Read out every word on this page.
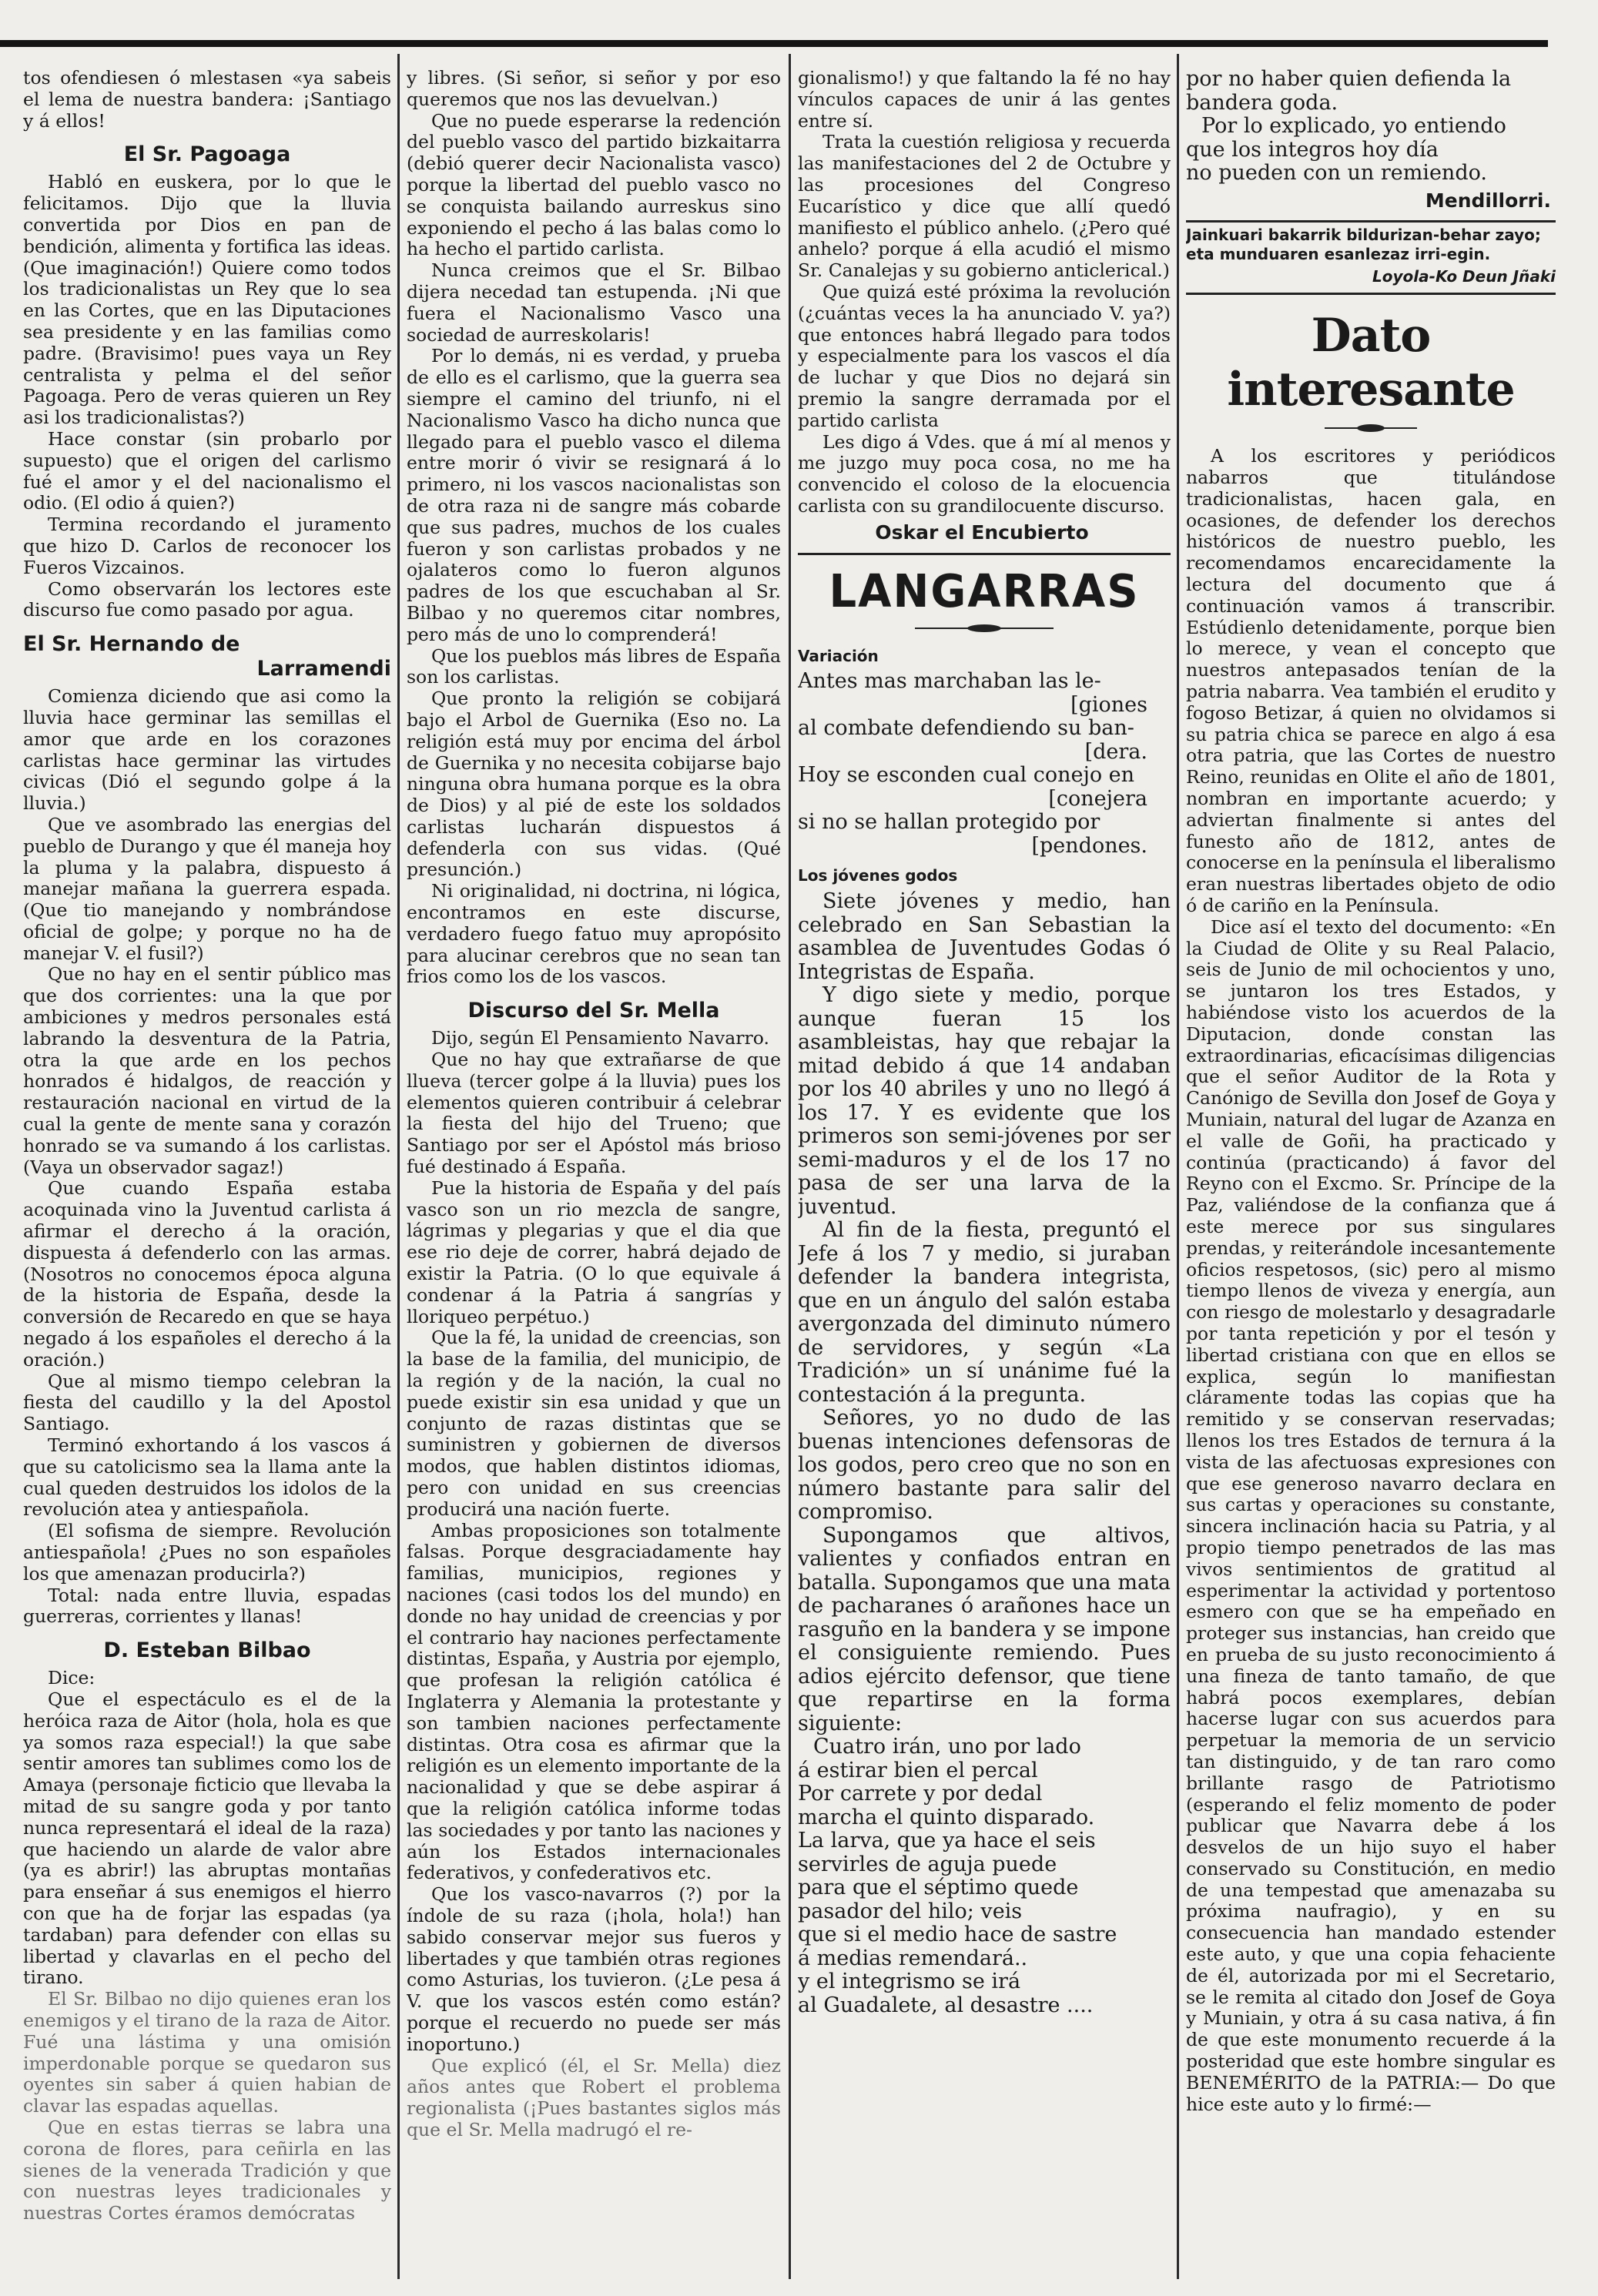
tos ofendiesen ó mlestasen «ya sabeis el lema de nuestra bandera: ¡Santiago y á ellos!

El Sr. Pagoaga

Habló en euskera, por lo que le felicitamos. Dijo que la lluvia convertida por Dios en pan de bendición, alimenta y fortifica las ideas. (Que imaginación!) Quiere como todos los tradicionalistas un Rey que lo sea en las Cortes, que en las Diputaciones sea presidente y en las familias como padre. (Bravisimo! pues vaya un Rey centralista y pelma el del señor Pagoaga. Pero de veras quieren un Rey asi los tradicionalistas?)

Hace constar (sin probarlo por supuesto) que el origen del carlismo fué el amor y el del nacionalismo el odio. (El odio á quien?)

Termina recordando el juramento que hizo D. Carlos de reconocer los Fueros Vizcainos.

Como observarán los lectores este discurso fue como pasado por agua.

El Sr. Hernando de
Larramendi

Comienza diciendo que asi como la lluvia hace germinar las semillas el amor que arde en los corazones carlistas hace germinar las virtudes civicas (Dió el segundo golpe á la lluvia.)

Que ve asombrado las energias del pueblo de Durango y que él maneja hoy la pluma y la palabra, dispuesto á manejar mañana la guerrera espada. (Que tio manejando y nombrándose oficial de golpe; y porque no ha de manejar V. el fusil?)

Que no hay en el sentir público mas que dos corrientes: una la que por ambiciones y medros personales está labrando la desventura de la Patria, otra la que arde en los pechos honrados é hidalgos, de reacción y restauración nacional en virtud de la cual la gente de mente sana y corazón honrado se va sumando á los carlistas. (Vaya un observador sagaz!)

Que cuando España estaba acoquinada vino la Juventud carlista á afirmar el derecho á la oración, dispuesta á defenderlo con las armas. (Nosotros no conocemos época alguna de la historia de España, desde la conversión de Recaredo en que se haya negado á los españoles el derecho á la oración.)

Que al mismo tiempo celebran la fiesta del caudillo y la del Apostol Santiago.

Terminó exhortando á los vascos á que su catolicismo sea la llama ante la cual queden destruidos los idolos de la revolución atea y antiespañola.

(El sofisma de siempre. Revolución antiespañola! ¿Pues no son españoles los que amenazan producirla?)

Total: nada entre lluvia, espadas guerreras, corrientes y llanas!

D. Esteban Bilbao

Dice:

Que el espectáculo es el de la heróica raza de Aitor (hola, hola es que ya somos raza especial!) la que sabe sentir amores tan sublimes como los de Amaya (personaje ficticio que llevaba la mitad de su sangre goda y por tanto nunca representará el ideal de la raza) que haciendo un alarde de valor abre (ya es abrir!) las abruptas montañas para enseñar á sus enemigos el hierro con que ha de forjar las espadas (ya tardaban) para defender con ellas su libertad y clavarlas en el pecho del tirano.

El Sr. Bilbao no dijo quienes eran los enemigos y el tirano de la raza de Aitor. Fué una lástima y una omisión imperdonable porque se quedaron sus oyentes sin saber á quien habian de clavar las espadas aquellas.

Que en estas tierras se labra una corona de flores, para ceñirla en las sienes de la venerada Tradición y que con nuestras leyes tradicionales y nuestras Cortes éramos demócratas

y libres. (Si señor, si señor y por eso queremos que nos las devuelvan.)

Que no puede esperarse la redención del pueblo vasco del partido bizkaitarra (debió querer decir Nacionalista vasco) porque la libertad del pueblo vasco no se conquista bailando aurreskus sino exponiendo el pecho á las balas como lo ha hecho el partido carlista.

Nunca creimos que el Sr. Bilbao dijera necedad tan estupenda. ¡Ni que fuera el Nacionalismo Vasco una sociedad de aurreskolaris!

Por lo demás, ni es verdad, y prueba de ello es el carlismo, que la guerra sea siempre el camino del triunfo, ni el Nacionalismo Vasco ha dicho nunca que llegado para el pueblo vasco el dilema entre morir ó vivir se resignará á lo primero, ni los vascos nacionalistas son de otra raza ni de sangre más cobarde que sus padres, muchos de los cuales fueron y son carlistas probados y ne ojalateros como lo fueron algunos padres de los que escuchaban al Sr. Bilbao y no queremos citar nombres, pero más de uno lo comprenderá!

Que los pueblos más libres de España son los carlistas.

Que pronto la religión se cobijará bajo el Arbol de Guernika (Eso no. La religión está muy por encima del árbol de Guernika y no necesita cobijarse bajo ninguna obra humana porque es la obra de Dios) y al pié de este los soldados carlistas lucharán dispuestos á defenderla con sus vidas. (Qué presunción.)

Ni originalidad, ni doctrina, ni lógica, encontramos en este discurse, verdadero fuego fatuo muy apropósito para alucinar cerebros que no sean tan frios como los de los vascos.

Discurso del Sr. Mella

Dijo, según El Pensamiento Navarro.

Que no hay que extrañarse de que llueva (tercer golpe á la lluvia) pues los elementos quieren contribuir á celebrar la fiesta del hijo del Trueno; que Santiago por ser el Apóstol más brioso fué destinado á España.

Pue la historia de España y del país vasco son un rio mezcla de sangre, lágrimas y plegarias y que el dia que ese rio deje de correr, habrá dejado de existir la Patria. (O lo que equivale á condenar á la Patria á sangrías y lloriqueo perpétuo.)

Que la fé, la unidad de creencias, son la base de la familia, del municipio, de la región y de la nación, la cual no puede existir sin esa unidad y que un conjunto de razas distintas que se suministren y gobiernen de diversos modos, que hablen distintos idiomas, pero con unidad en sus creencias producirá una nación fuerte.

Ambas proposiciones son totalmente falsas. Porque desgraciadamente hay familias, municipios, regiones y naciones (casi todos los del mundo) en donde no hay unidad de creencias y por el contrario hay naciones perfectamente distintas, España, y Austria por ejemplo, que profesan la religión católica é Inglaterra y Alemania la protestante y son tambien naciones perfectamente distintas. Otra cosa es afirmar que la religión es un elemento importante de la nacionalidad y que se debe aspirar á que la religión católica informe todas las sociedades y por tanto las naciones y aún los Estados internacionales federativos, y confederativos etc.

Que los vasco-navarros (?) por la índole de su raza (¡hola, hola!) han sabido conservar mejor sus fueros y libertades y que también otras regiones como Asturias, los tuvieron. (¿Le pesa á V. que los vascos estén como están? porque el recuerdo no puede ser más inoportuno.)

Que explicó (él, el Sr. Mella) diez años antes que Robert el problema regionalista (¡Pues bastantes siglos más que el Sr. Mella madrugó el re-

gionalismo!) y que faltando la fé no hay vínculos capaces de unir á las gentes entre sí.

Trata la cuestión religiosa y recuerda las manifestaciones del 2 de Octubre y las procesiones del Congreso Eucarístico y dice que allí quedó manifiesto el público anhelo. (¿Pero qué anhelo? porque á ella acudió el mismo Sr. Canalejas y su gobierno anticlerical.)

Que quizá esté próxima la revolución (¿cuántas veces la ha anunciado V. ya?) que entonces habrá llegado para todos y especialmente para los vascos el día de luchar y que Dios no dejará sin premio la sangre derramada por el partido carlista

Les digo á Vdes. que á mí al menos y me juzgo muy poca cosa, no me ha convencido el coloso de la elocuencia carlista con su grandilocuente discurso.

Oskar el Encubierto
LANGARRAS
Variación

Antes mas marchaban las le-

[giones

al combate defendiendo su ban-

[dera.

Hoy se esconden cual conejo en

[conejera

si no se hallan protegido por

[pendones.

Los jóvenes godos

Siete jóvenes y medio, han celebrado en San Sebastian la asamblea de Juventudes Godas ó Integristas de España.

Y digo siete y medio, porque aunque fueran 15 los asambleistas, hay que rebajar la mitad debido á que 14 andaban por los 40 abriles y uno no llegó á los 17. Y es evidente que los primeros son semi-jóvenes por ser semi-maduros y el de los 17 no pasa de ser una larva de la juventud.

Al fin de la fiesta, preguntó el Jefe á los 7 y medio, si juraban defender la bandera integrista, que en un ángulo del salón estaba avergonzada del diminuto número de servidores, y según «La Tradición» un sí unánime fué la contestación á la pregunta.

Señores, yo no dudo de las buenas intenciones defensoras de los godos, pero creo que no son en número bastante para salir del compromiso.

Supongamos que altivos, valientes y confiados entran en batalla. Supongamos que una mata de pacharanes ó arañones hace un rasguño en la bandera y se impone el consiguiente remiendo. Pues adios ejército defensor, que tiene que repartirse en la forma siguiente:

Cuatro irán, uno por lado

á estirar bien el percal

Por carrete y por dedal

marcha el quinto disparado.

La larva, que ya hace el seis

servirles de aguja puede

para que el séptimo quede

pasador del hilo; veis

que si el medio hace de sastre

á medias remendará..

y el integrismo se irá

al Guadalete, al desastre ....

por no haber quien defienda la

bandera goda.

Por lo explicado, yo entiendo

que los integros hoy día

no pueden con un remiendo.

Mendillorri.
Jainkuari bakarrik bildurizan-behar zayo; eta munduaren esanlezaz irri-egin.
Loyola-Ko Deun Jñaki
Dato interesante

A los escritores y periódicos nabarros que titulándose tradicionalistas, hacen gala, en ocasiones, de defender los derechos históricos de nuestro pueblo, les recomendamos encarecidamente la lectura del documento que á continuación vamos á transcribir. Estúdienlo detenidamente, porque bien lo merece, y vean el concepto que nuestros antepasados tenían de la patria nabarra. Vea también el erudito y fogoso Betizar, á quien no olvidamos si su patria chica se parece en algo á esa otra patria, que las Cortes de nuestro Reino, reunidas en Olite el año de 1801, nombran en importante acuerdo; y adviertan finalmente si antes del funesto año de 1812, antes de conocerse en la península el liberalismo eran nuestras libertades objeto de odio ó de cariño en la Península.

Dice así el texto del documento: «En la Ciudad de Olite y su Real Palacio, seis de Junio de mil ochocientos y uno, se juntaron los tres Estados, y habiéndose visto los acuerdos de la Diputacion, donde constan las extraordinarias, eficacísimas diligencias que el señor Auditor de la Rota y Canónigo de Sevilla don Josef de Goya y Muniain, natural del lugar de Azanza en el valle de Goñi, ha practicado y continúa (practicando) á favor del Reyno con el Excmo. Sr. Príncipe de la Paz, valiéndose de la confianza que á este merece por sus singulares prendas, y reiterándole incesantemente oficios respetosos, (sic) pero al mismo tiempo llenos de viveza y energía, aun con riesgo de molestarlo y desagradarle por tanta repetición y por el tesón y libertad cristiana con que en ellos se explica, según lo manifiestan cláramente todas las copias que ha remitido y se conservan reservadas; llenos los tres Estados de ternura á la vista de las afectuosas expresiones con que ese generoso navarro declara en sus cartas y operaciones su constante, sincera inclinación hacia su Patria, y al propio tiempo penetrados de las mas vivos sentimientos de gratitud al esperimentar la actividad y portentoso esmero con que se ha empeñado en proteger sus instancias, han creido que en prueba de su justo reconocimiento á una fineza de tanto tamaño, de que habrá pocos exemplares, debían hacerse lugar con sus acuerdos para perpetuar la memoria de un servicio tan distinguido, y de tan raro como brillante rasgo de Patriotismo (esperando el feliz momento de poder publicar que Navarra debe á los desvelos de un hijo suyo el haber conservado su Constitución, en medio de una tempestad que amenazaba su próxima naufragio), y en su consecuencia han mandado estender este auto, y que una copia fehaciente de él, autorizada por mi el Secretario, se le remita al citado don Josef de Goya y Muniain, y otra á su casa nativa, á fin de que este monumento recuerde á la posteridad que este hombre singular es BENEMÉRITO de la PATRIA:— Do que hice este auto y lo firmé:—
